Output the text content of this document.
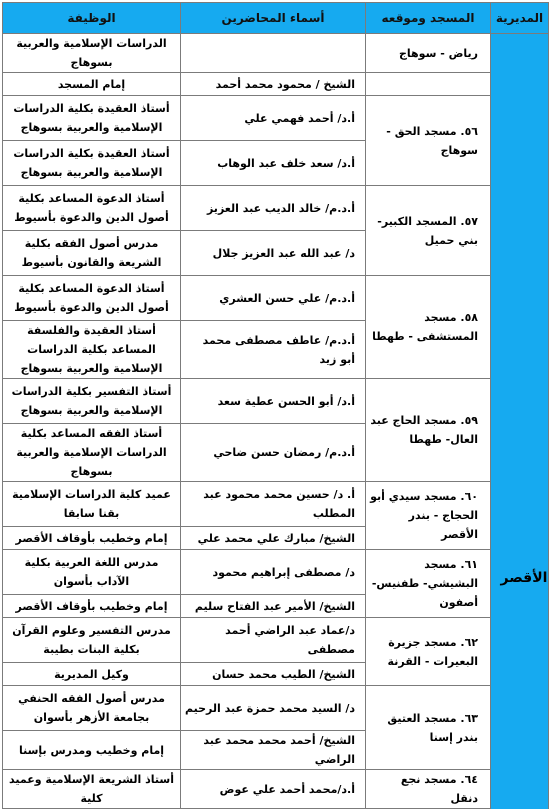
المديرية	المسجد وموقعه	أسماء المحاضرين	الوظيفة
	رياض - سوهاج		الدراسات الإسلامية والعربية بسوهاج
		الشيخ / محمود محمد أحمد	إمام المسجد
	٥٦. مسجد الحق - سوهاج	أ.د/ أحمد فهمي علي	أستاذ العقيدة بكلية الدراسات الإسلامية والعربية بسوهاج
		أ.د/ سعد خلف عبد الوهاب	أستاذ العقيدة بكلية الدراسات الإسلامية والعربية بسوهاج
	٥٧. المسجد الكبير- بني حميل	أ.د.م/ خالد الديب عبد العزيز	أستاذ الدعوة المساعد بكلية أصول الدين والدعوة بأسيوط
		د/ عبد الله عبد العزيز جلال	مدرس أصول الفقه بكلية الشريعة والقانون بأسيوط
	٥٨. مسجد المستشفى - طهطا	أ.د.م/ علي حسن العشري	أستاذ الدعوة المساعد بكلية أصول الدين والدعوة بأسيوط
		أ.د.م/ عاطف مصطفى محمد أبو زيد	أستاذ العقيدة والفلسفة المساعد بكلية الدراسات الإسلامية والعربية بسوهاج
	٥٩. مسجد الحاج عبد العال- طهطا	أ.د/ أبو الحسن عطية سعد	أستاذ التفسير بكلية الدراسات الإسلامية والعربية بسوهاج
		أ.د.م/ رمضان حسن ضاحي	أستاذ الفقه المساعد بكلية الدراسات الإسلامية والعربية بسوهاج
	٦٠. مسجد سيدي أبو الحجاج - بندر الأقصر	أ. د/ حسين محمد محمود عبد المطلب	عميد كلية الدراسات الإسلامية بقنا سابقا
		الشيخ/ مبارك علي محمد علي	إمام وخطيب بأوقاف الأقصر
	٦١. مسجد البشيشي- طفنيس- أصفون	د/ مصطفى إبراهيم محمود	مدرس اللغة العربية بكلية الآداب بأسوان
		الشيخ/ الأمير عبد الفتاح سليم	إمام وخطيب بأوقاف الأقصر
	٦٢. مسجد جزيرة البعيرات - القرنة	د/عماد عبد الراضي أحمد مصطفى	مدرس التفسير وعلوم القرآن بكلية البنات بطيبة
		الشيخ/ الطيب محمد حسان	وكيل المديرية
	٦٣. مسجد العتيق بندر إسنا	د/ السيد محمد حمزة عبد الرحيم	مدرس أصول الفقه الحنفي بجامعة الأزهر بأسوان
		الشيخ/ أحمد محمد محمد عبد الراضي	إمام وخطيب ومدرس بإسنا
	٦٤. مسجد نجع دنقل	أ.د/محمد أحمد علي عوض	أستاذ الشريعة الإسلامية وعميد كلية
الأقصر
